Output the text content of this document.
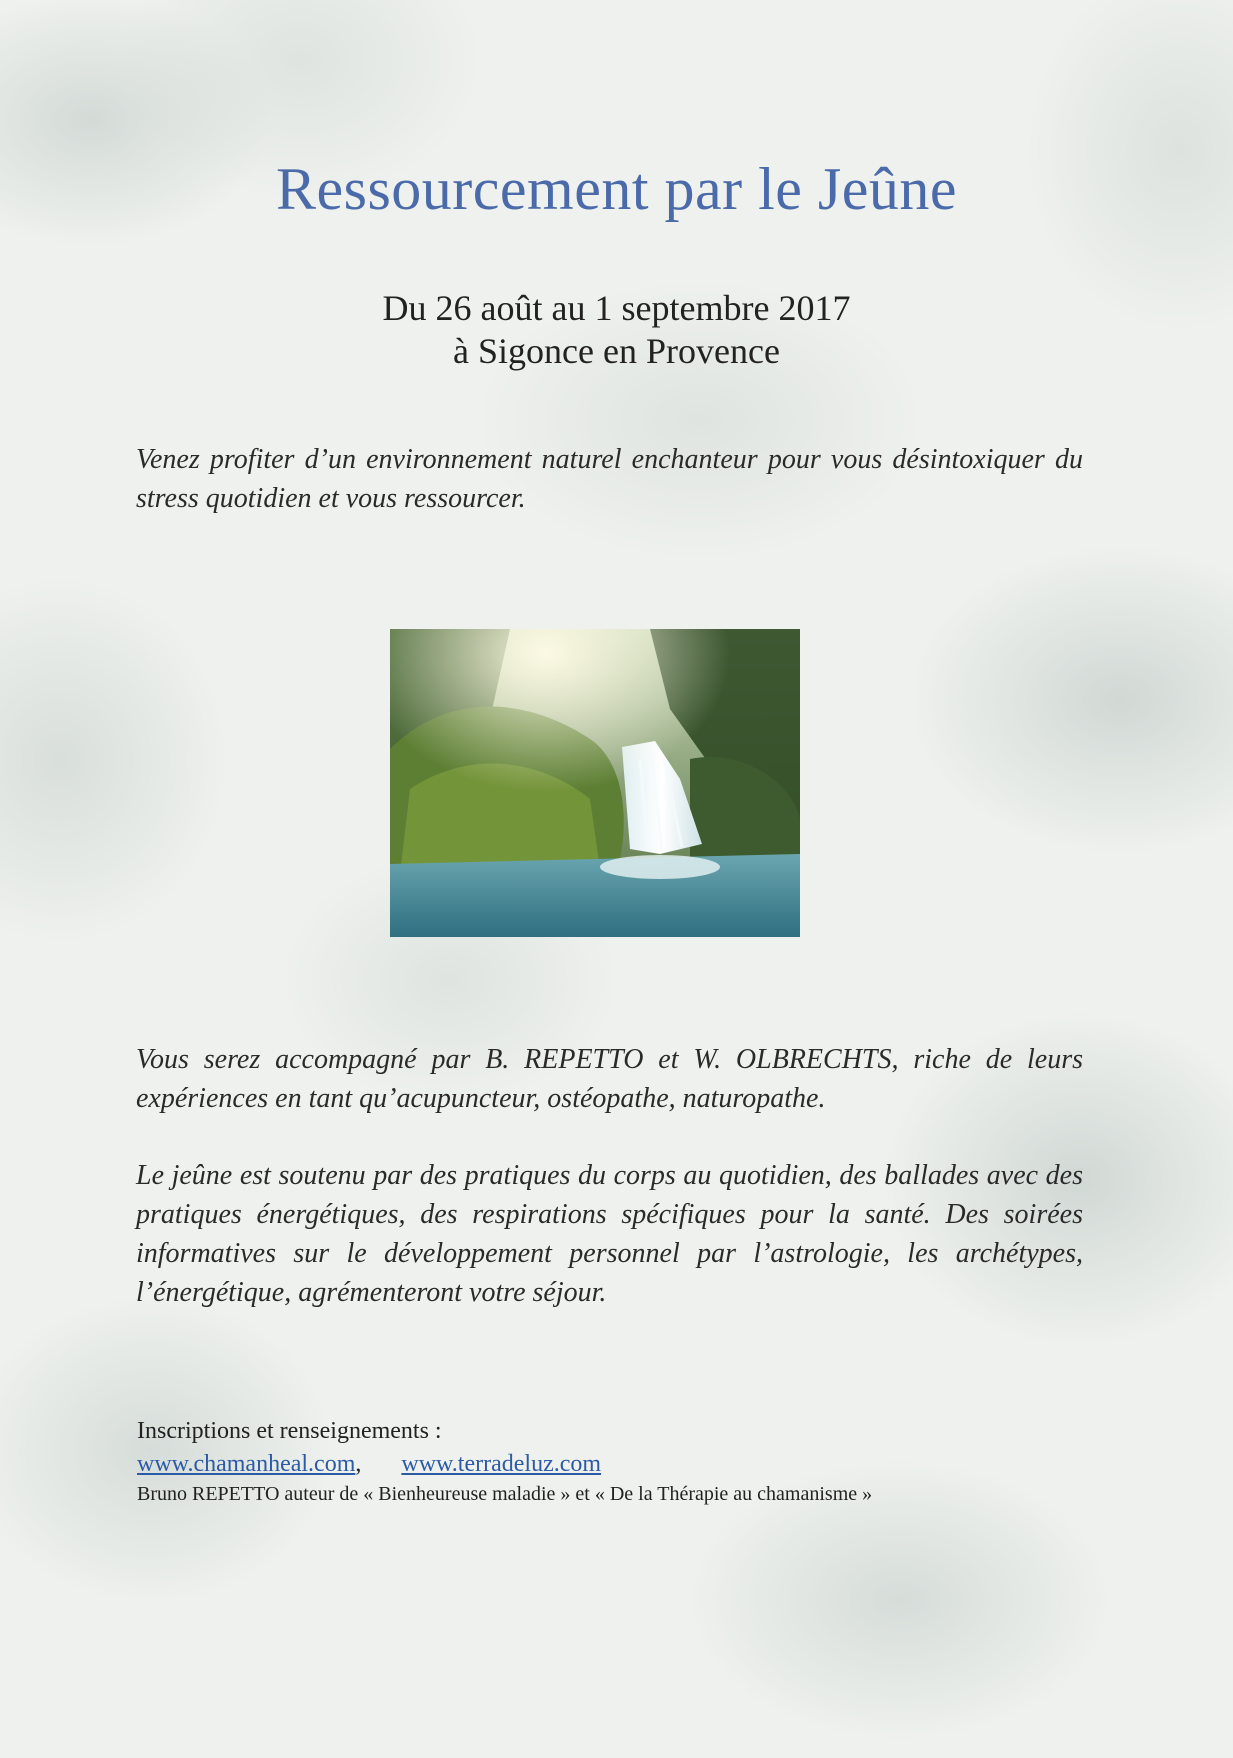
Ressourcement par le Jeûne
Du 26 août au 1 septembre 2017
à Sigonce en Provence

Venez profiter d’un environnement naturel enchanteur pour vous désintoxiquer du stress quotidien et vous ressourcer.

Vous serez accompagné par B. REPETTO et W. OLBRECHTS, riche de leurs expériences en tant qu’acupuncteur, ostéopathe, naturopathe.

Le jeûne est soutenu par des pratiques du corps au quotidien, des ballades avec des pratiques énergétiques, des respirations spécifiques pour la santé. Des soirées informatives sur le développement personnel par l’astrologie, les archétypes, l’énergétique, agrémenteront votre séjour.

Inscriptions et renseignements :
www.chamanheal.com, www.terradeluz.com
Bruno REPETTO auteur de « Bienheureuse maladie » et « De la Thérapie au chamanisme »
